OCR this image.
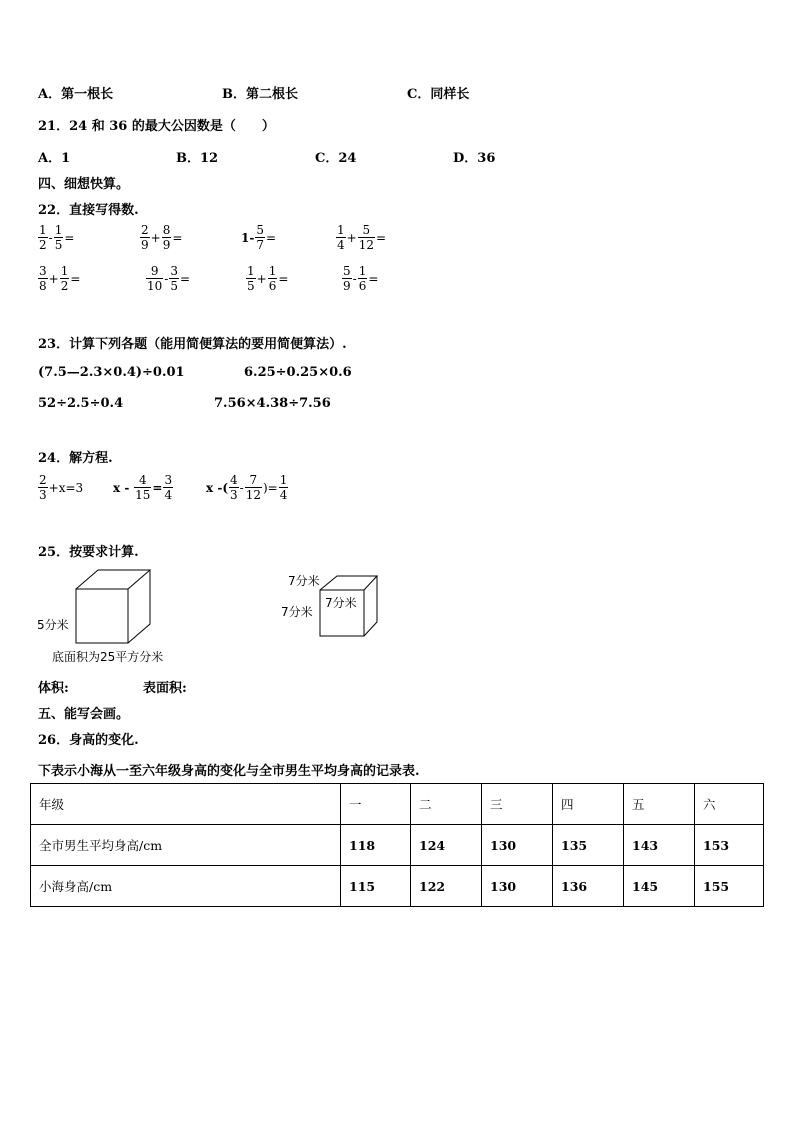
A．第一根长	B．第二根长	C．同样长
21．24 和 36 的最大公因数是（　　）
A．1	B．12	C．24	D．36
四、细想快算。
22．直接写得数.
$\frac{1}{2} - \frac{1}{5}$ =	$\frac{2}{9} + \frac{8}{9}$ =	$1- \frac{5}{7}$ =	$\frac{1}{4} + \frac{5}{12}$ =
$\frac{3}{8} + \frac{1}{2}$ =	$\frac{9}{10} - \frac{3}{5}$ =	$\frac{1}{5} + \frac{1}{6}$ =	$\frac{5}{9} - \frac{1}{6}$ =
23．计算下列各题（能用简便算法的要用简便算法）.
(7.5—2.3×0.4)÷0.01	6.25÷0.25×0.6
52÷2.5÷0.4	7.56×4.38÷7.56
24．解方程.
$\frac{2}{3} +x=3$ $x - \frac{4}{15} = \frac{3}{4}$	x -( $\frac{4}{3} - \frac{7}{12}$ )= $\frac{1}{4}$
25．按要求计算.
5分米
底面积为25平方分米
7分米
7分米
7分米
体积:	表面积:
五、能写会画。
26．身高的变化.
下表示小海从一至六年级身高的变化与全市男生平均身高的记录表.
年级	一	二	三	四	五	六
全市男生平均身高/cm	118	124	130	135	143	153
小海身高/cm	115	122	130	136	145	155
